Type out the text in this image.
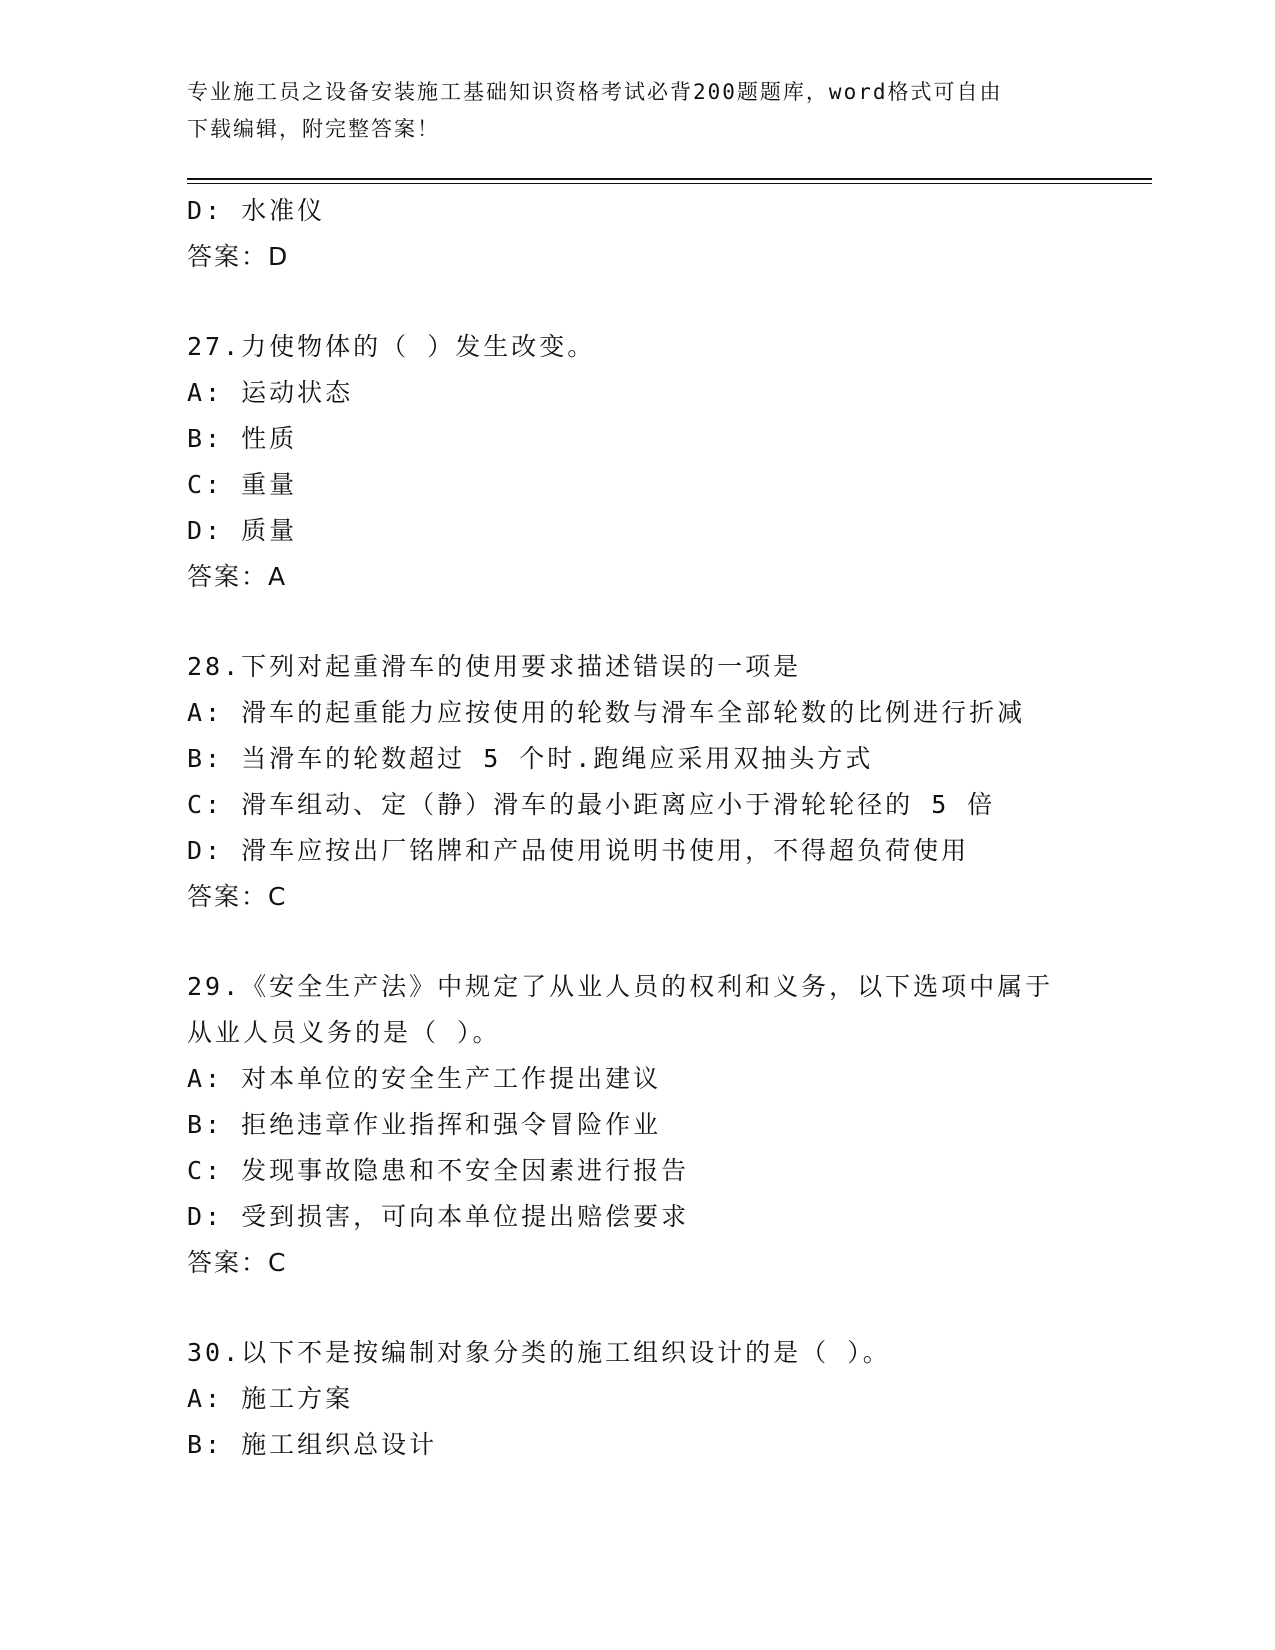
专业施工员之设备安装施工基础知识资格考试必背200题题库，word格式可自由
下载编辑，附完整答案！
D: 水准仪
答案：D
27.力使物体的（ ）发生改变。
A: 运动状态
B: 性质
C: 重量
D: 质量
答案：A
28.下列对起重滑车的使用要求描述错误的一项是
A: 滑车的起重能力应按使用的轮数与滑车全部轮数的比例进行折减
B: 当滑车的轮数超过 5 个时.跑绳应采用双抽头方式
C: 滑车组动、定（静）滑车的最小距离应小于滑轮轮径的 5 倍
D: 滑车应按出厂铭牌和产品使用说明书使用，不得超负荷使用
答案：C
29.《安全生产法》中规定了从业人员的权利和义务，以下选项中属于
从业人员义务的是（ ）。
A: 对本单位的安全生产工作提出建议
B: 拒绝违章作业指挥和强令冒险作业
C: 发现事故隐患和不安全因素进行报告
D: 受到损害，可向本单位提出赔偿要求
答案：C
30.以下不是按编制对象分类的施工组织设计的是（ ）。
A: 施工方案
B: 施工组织总设计
